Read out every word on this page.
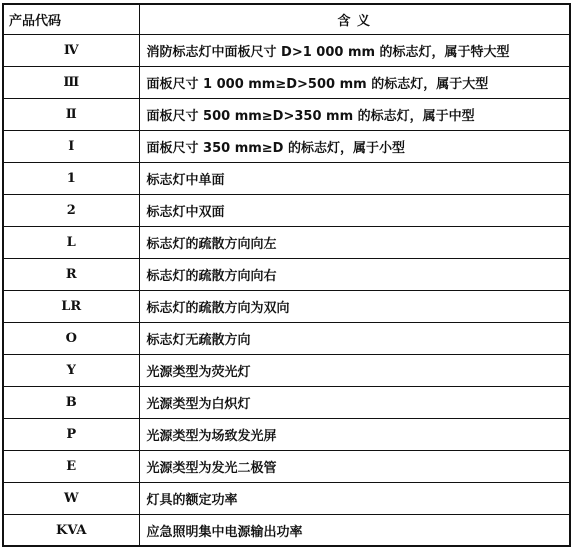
产品代码	含 义
Ⅳ	消防标志灯中面板尺寸 D>1 000 mm 的标志灯，属于特大型
Ⅲ	面板尺寸 1 000 mm≥D>500 mm 的标志灯，属于大型
Ⅱ	面板尺寸 500 mm≥D>350 mm 的标志灯，属于中型
Ⅰ	面板尺寸 350 mm≥D 的标志灯，属于小型
1	标志灯中单面
2	标志灯中双面
L	标志灯的疏散方向向左
R	标志灯的疏散方向向右
LR	标志灯的疏散方向为双向
O	标志灯无疏散方向
Y	光源类型为荧光灯
B	光源类型为白炽灯
P	光源类型为场致发光屏
E	光源类型为发光二极管
W	灯具的额定功率
KVA	应急照明集中电源输出功率
